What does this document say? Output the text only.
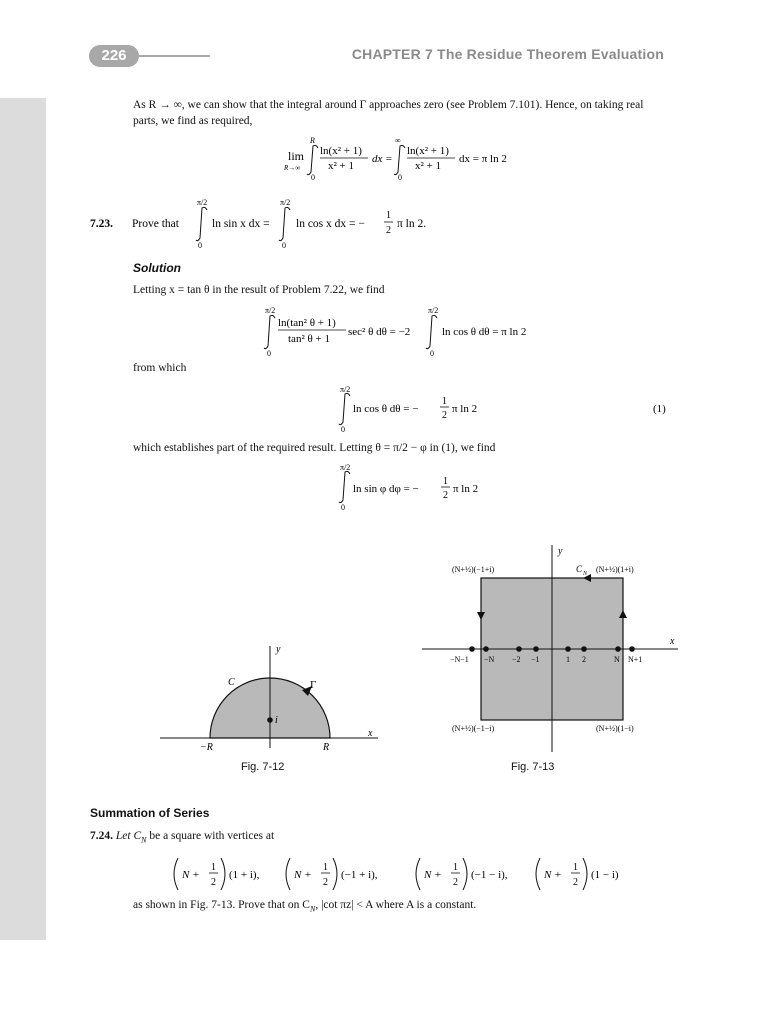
226	CHAPTER 7 The Residue Theorem Evaluation
As R → ∞, we can show that the integral around Γ approaches zero (see Problem 7.101). Hence, on taking real
parts, we find as required,
R	∞
lim
R→∞
ln(x² + 1)
x² + 1
dx =
0	0
ln(x² + 1)
x² + 1
dx = π ln 2
7.23. Prove that
π/2
0
ln sin x dx =
π/2
0
ln cos x dx = −
1
2
π ln 2.
Solution
Letting x = tan θ in the result of Problem 7.22, we find
π/2
0
ln(tan² θ + 1)
tan² θ + 1
sec² θ dθ = −2
π/2
0
ln cos θ dθ = π ln 2
from which
π/2
0
ln cos θ dθ = −
1
2
π ln 2	(1)
which establishes part of the required result. Letting θ = π/2 − φ in (1), we find
π/2
0
ln sin φ dφ = −
1
2
π ln 2
y
x
C	Γ
i
−R	R
Fig. 7-12
y
x
C N
(N+½)(−1+i)	(N+½)(1+i)
(N+½)(−1−i)	(N+½)(1−i)
−N−1 −N −2 −1	1 2	N N+1
Fig. 7-13
Summation of Series
7.24. Let $C_N$ be a square with vertices at
N +
1
2
(1 + i),	N +
1
2
(−1 + i),	N +
1
2
(−1 − i),	N +
1
2
(1 − i)
as shown in Fig. 7-13. Prove that on $C_N$, |cot πz| < A where A is a constant.
